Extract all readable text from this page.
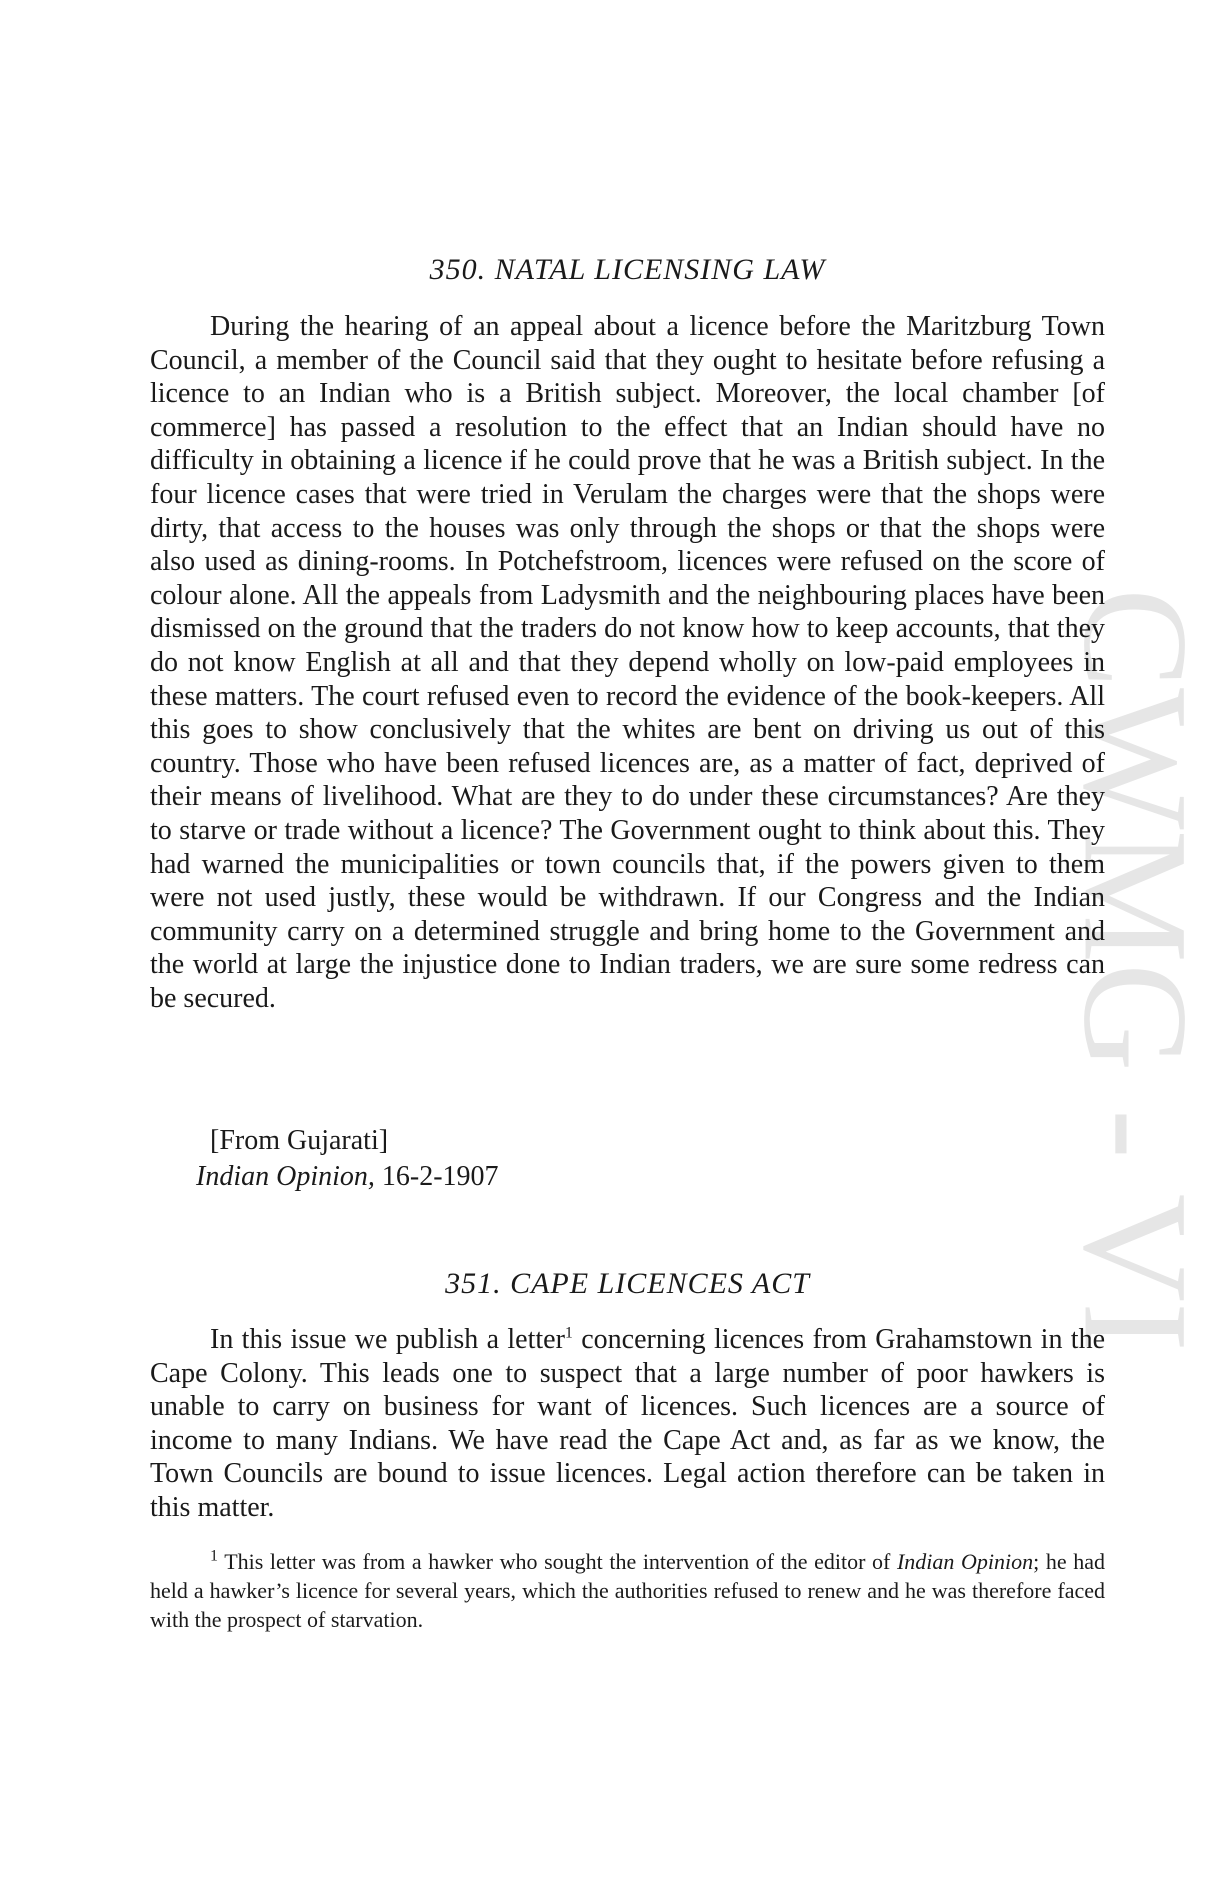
CWMG - VI
350. NATAL LICENSING LAW

During the hearing of an appeal about a licence before the Maritzburg Town Council, a member of the Council said that they ought to hesitate before refusing a licence to an Indian who is a British subject. Moreover, the local chamber [of commerce] has passed a resolution to the effect that an Indian should have no difficulty in obtaining a licence if he could prove that he was a British subject. In the four licence cases that were tried in Verulam the charges were that the shops were dirty, that access to the houses was only through the shops or that the shops were also used as dining-rooms. In Potchefstroom, licences were refused on the score of colour alone. All the appeals from Ladysmith and the neighbouring places have been dismissed on the ground that the traders do not know how to keep accounts, that they do not know English at all and that they depend wholly on low-paid employees in these matters. The court refused even to record the evidence of the book-keepers. All this goes to show conclusively that the whites are bent on driving us out of this country. Those who have been refused licences are, as a matter of fact, deprived of their means of livelihood. What are they to do under these circumstances? Are they to starve or trade without a licence? The Government ought to think about this. They had warned the municipalities or town councils that, if the powers given to them were not used justly, these would be withdrawn. If our Congress and the Indian community carry on a determined struggle and bring home to the Government and the world at large the injustice done to Indian traders, we are sure some redress can be secured.

[From Gujarati]

Indian Opinion, 16-2-1907

351. CAPE LICENCES ACT

In this issue we publish a letter$^1$ concerning licences from Grahamstown in the Cape Colony. This leads one to suspect that a large number of poor hawkers is unable to carry on business for want of licences. Such licences are a source of income to many Indians. We have read the Cape Act and, as far as we know, the Town Councils are bound to issue licences. Legal action therefore can be taken in this matter.

$^1$ This letter was from a hawker who sought the intervention of the editor of Indian Opinion; he had held a hawker’s licence for several years, which the authorities refused to renew and he was therefore faced with the prospect of starvation.
